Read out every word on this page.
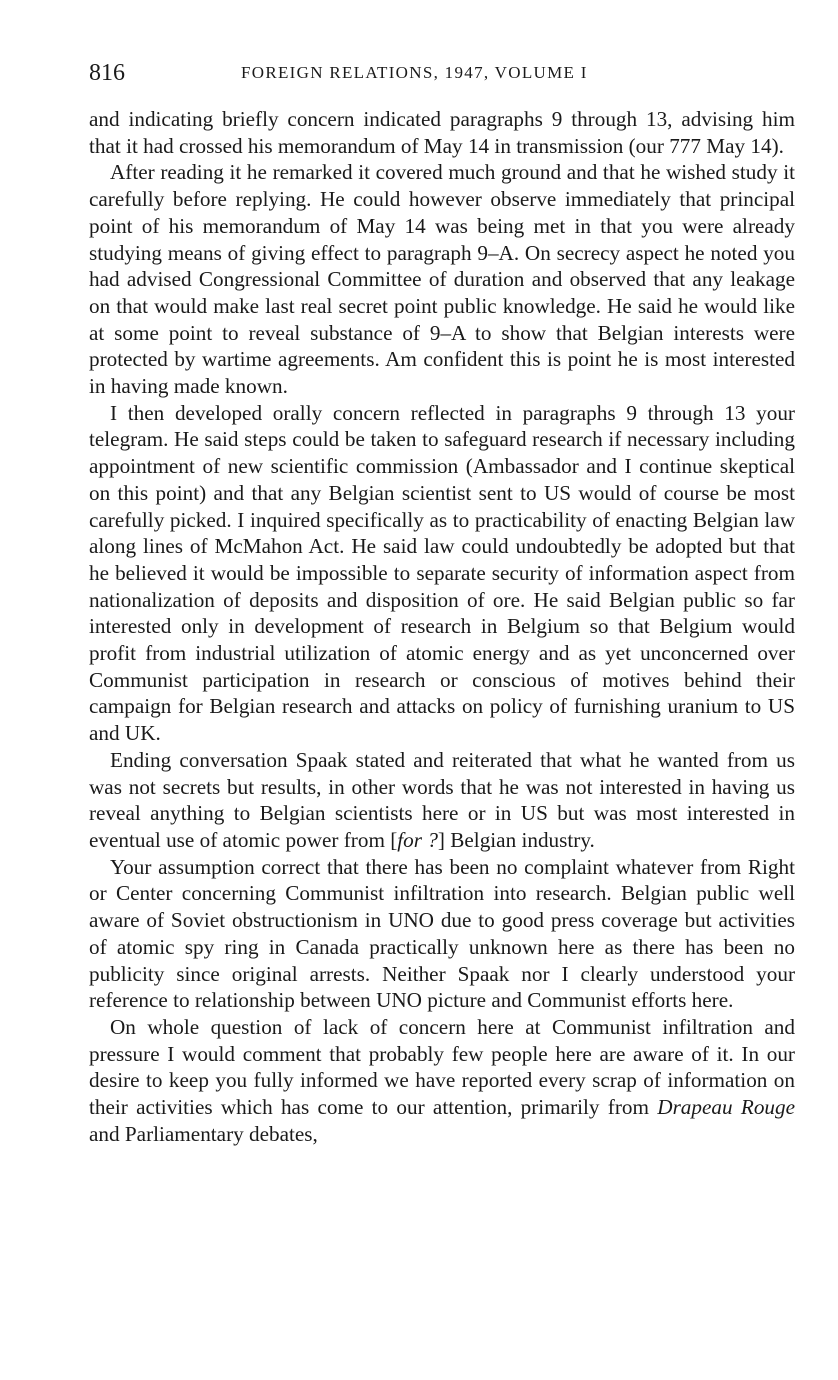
816	FOREIGN RELATIONS, 1947, VOLUME I

and indicating briefly concern indicated paragraphs 9 through 13, advising him that it had crossed his memorandum of May 14 in transmission (our 777 May 14).

After reading it he remarked it covered much ground and that he wished study it carefully before replying. He could however observe immediately that principal point of his memorandum of May 14 was being met in that you were already studying means of giving effect to paragraph 9–A. On secrecy aspect he noted you had advised Congressional Committee of duration and observed that any leakage on that would make last real secret point public knowledge. He said he would like at some point to reveal substance of 9–A to show that Belgian interests were protected by wartime agreements. Am confident this is point he is most interested in having made known.

I then developed orally concern reflected in paragraphs 9 through 13 your telegram. He said steps could be taken to safeguard research if necessary including appointment of new scientific commission (Ambassador and I continue skeptical on this point) and that any Belgian scientist sent to US would of course be most carefully picked. I inquired specifically as to practicability of enacting Belgian law along lines of McMahon Act. He said law could undoubtedly be adopted but that he believed it would be impossible to separate security of information aspect from nationalization of deposits and disposition of ore. He said Belgian public so far interested only in development of research in Belgium so that Belgium would profit from industrial utilization of atomic energy and as yet unconcerned over Communist participation in research or conscious of motives behind their campaign for Belgian research and attacks on policy of furnishing uranium to US and UK.

Ending conversation Spaak stated and reiterated that what he wanted from us was not secrets but results, in other words that he was not interested in having us reveal anything to Belgian scientists here or in US but was most interested in eventual use of atomic power from [for ?] Belgian industry.

Your assumption correct that there has been no complaint whatever from Right or Center concerning Communist infiltration into research. Belgian public well aware of Soviet obstructionism in UNO due to good press coverage but activities of atomic spy ring in Canada practically unknown here as there has been no publicity since original arrests. Neither Spaak nor I clearly understood your reference to relationship between UNO picture and Communist efforts here.

On whole question of lack of concern here at Communist infiltration and pressure I would comment that probably few people here are aware of it. In our desire to keep you fully informed we have reported every scrap of information on their activities which has come to our attention, primarily from Drapeau Rouge and Parliamentary debates,
